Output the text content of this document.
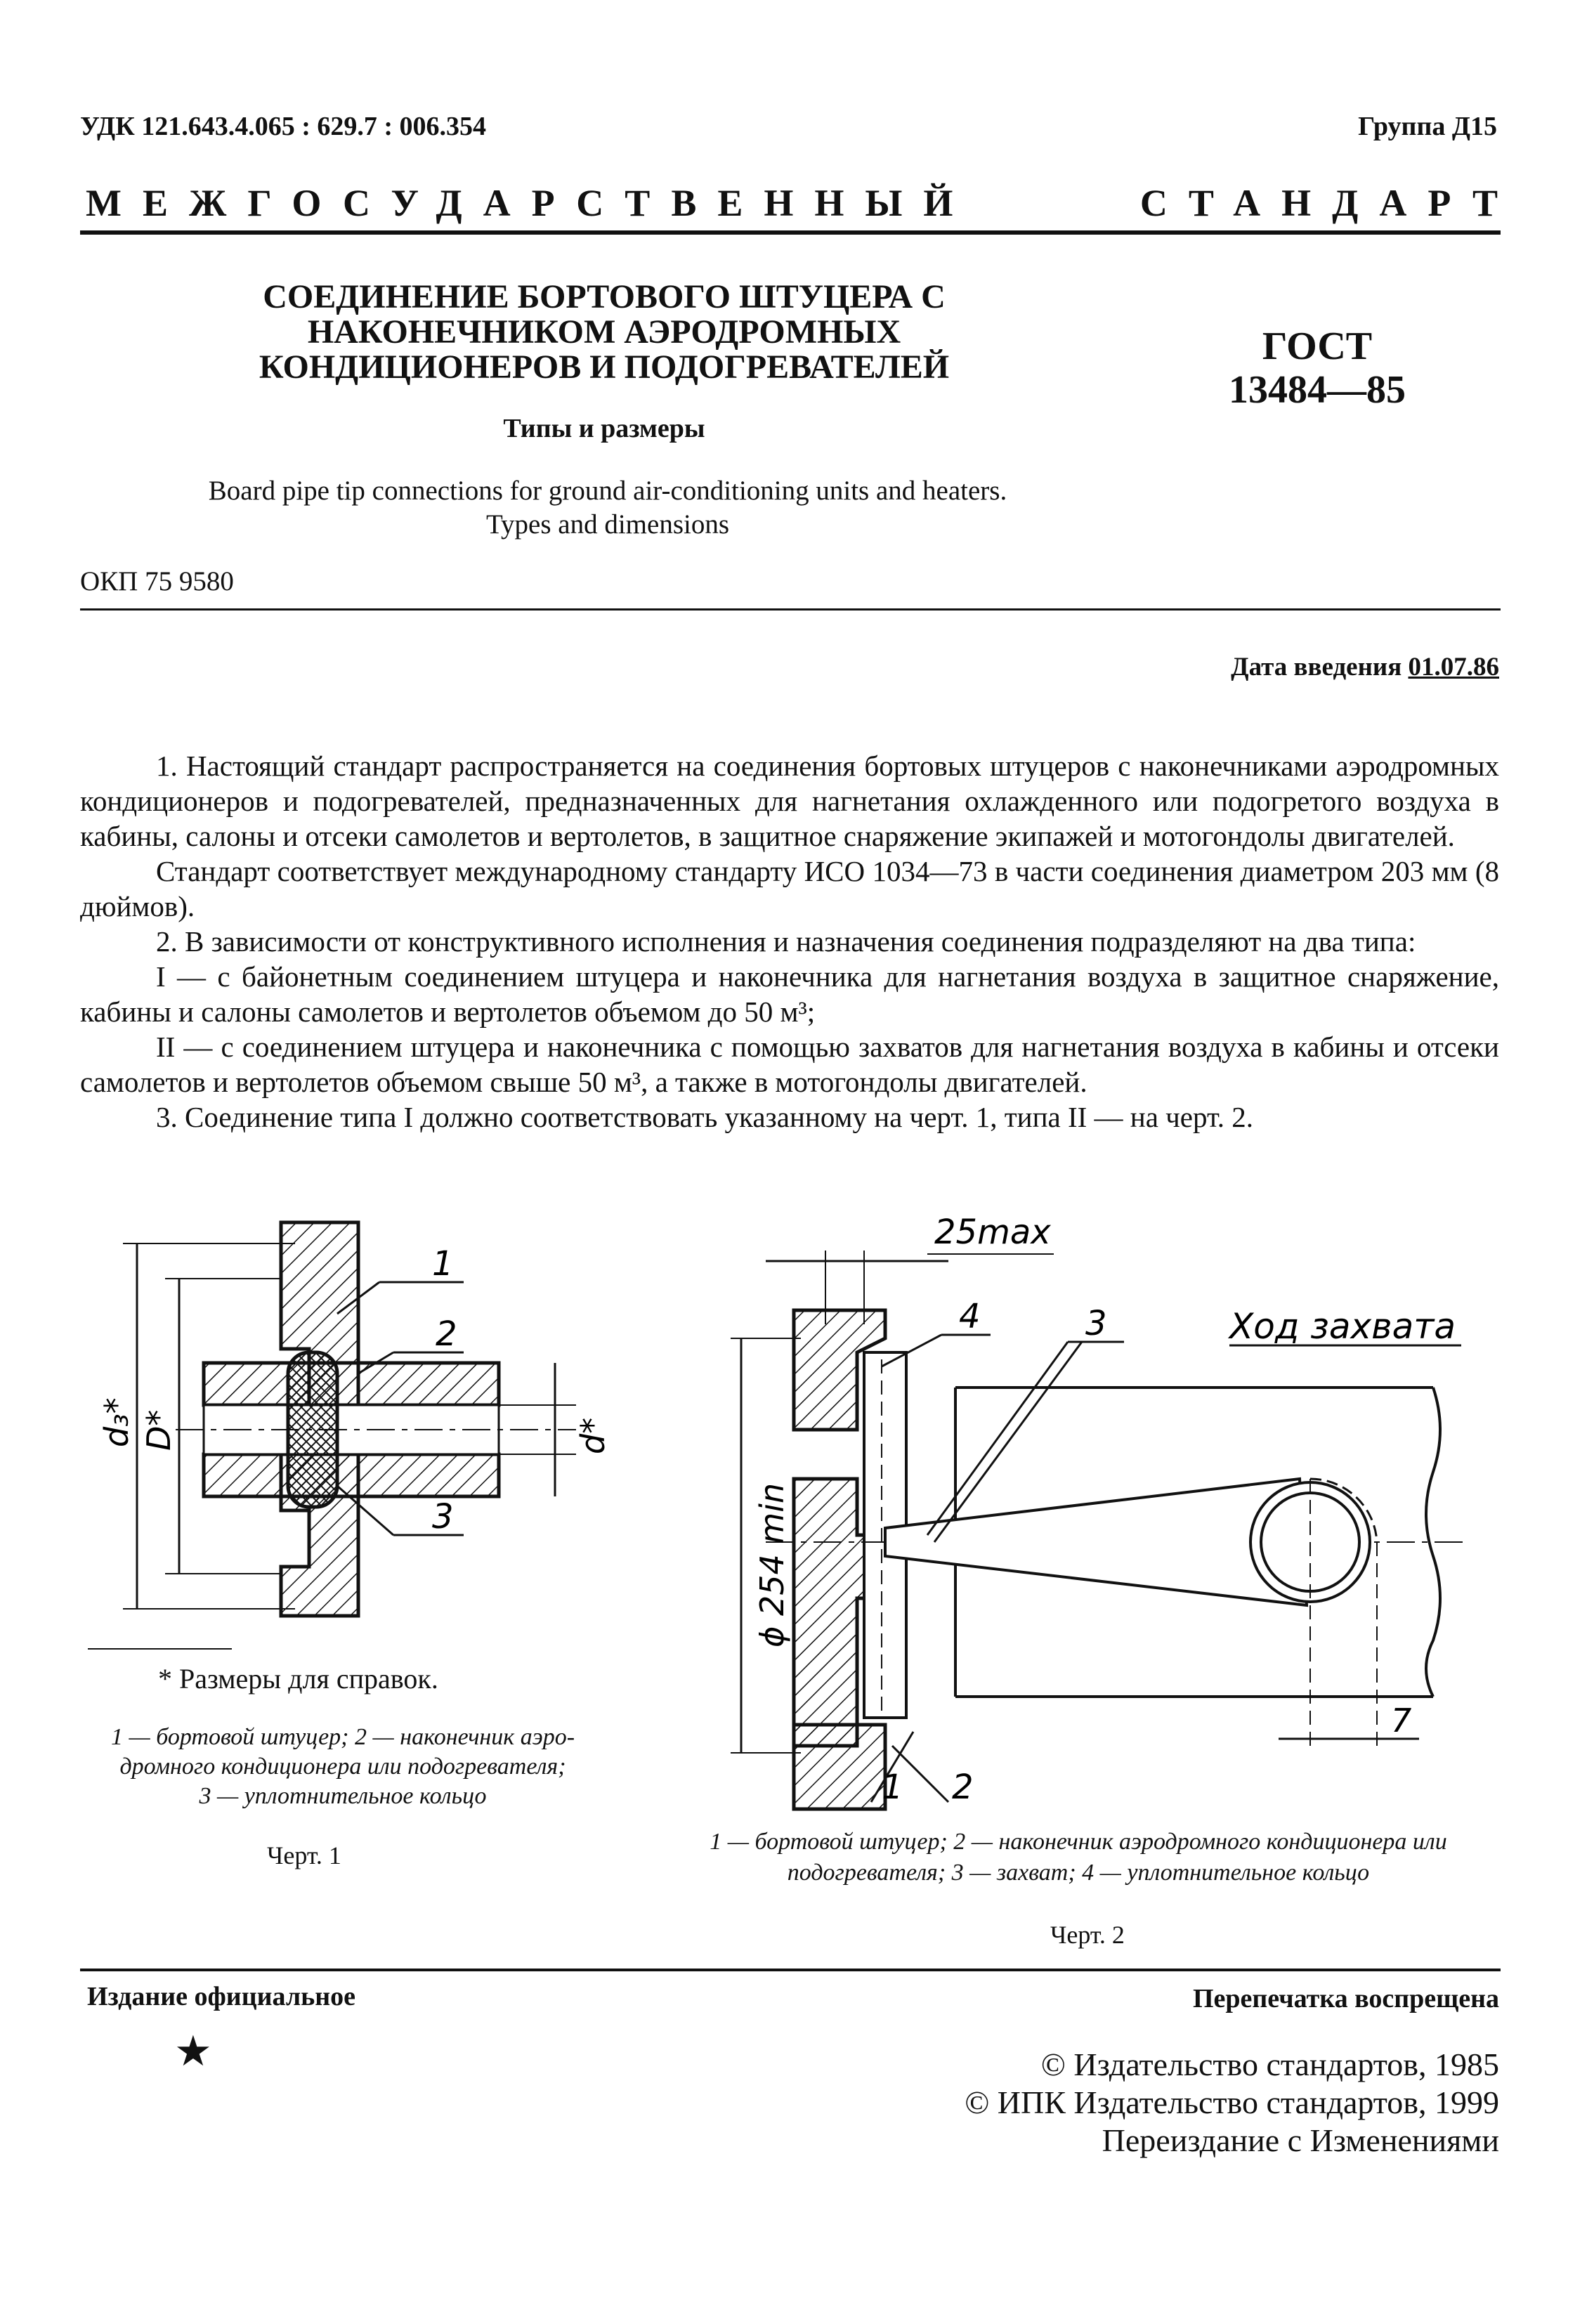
УДК 121.643.4.065 : 629.7 : 006.354	Группа Д15
МЕЖГОСУДАРСТВЕННЫЙ	СТАНДАРТ
СОЕДИНЕНИЕ БОРТОВОГО ШТУЦЕРА С
НАКОНЕЧНИКОМ АЭРОДРОМНЫХ
КОНДИЦИОНЕРОВ И ПОДОГРЕВАТЕЛЕЙ	ГОСТ
13484—85
Типы и размеры
Board pipe tip connections for ground air-conditioning units and heaters.
Types and dimensions
ОКП 75 9580
Дата введения 01.07.86

1. Настоящий стандарт распространяется на соединения бортовых штуцеров с наконечниками аэродромных кондиционеров и подогревателей, предназначенных для нагнетания охлажденного или подогретого воздуха в кабины, салоны и отсеки самолетов и вертолетов, в защитное снаряжение экипажей и мотогондолы двигателей.

Стандарт соответствует международному стандарту ИСО 1034—73 в части соединения диаметром 203 мм (8 дюймов).

2. В зависимости от конструктивного исполнения и назначения соединения подразделяют на два типа:

I — с байонетным соединением штуцера и наконечника для нагнетания воздуха в защитное снаряжение, кабины и салоны самолетов и вертолетов объемом до 50 м³;

II — с соединением штуцера и наконечника с помощью захватов для нагнетания воздуха в кабины и отсеки самолетов и вертолетов объемом свыше 50 м³, а также в мотогондолы двигателей.

3. Соединение типа I должно соответствовать указанному на черт. 1, типа II — на черт. 2.

1
2
3
d₃* D*	d*
* Размеры для справок.
1 — бортовой штуцер; 2 — наконечник аэро-
дромного кондиционера или подогревателя;
3 — уплотнительное кольцо
Черт. 1
25max
ϕ 254 min
7
Ход захвата
4	3
1 2
1 — бортовой штуцер; 2 — наконечник аэродромного кондиционера или
подогревателя; 3 — захват; 4 — уплотнительное кольцо
Черт. 2
Издание официальное	Перепечатка воспрещена
★	© Издательство стандартов, 1985
© ИПК Издательство стандартов, 1999
Переиздание с Изменениями
